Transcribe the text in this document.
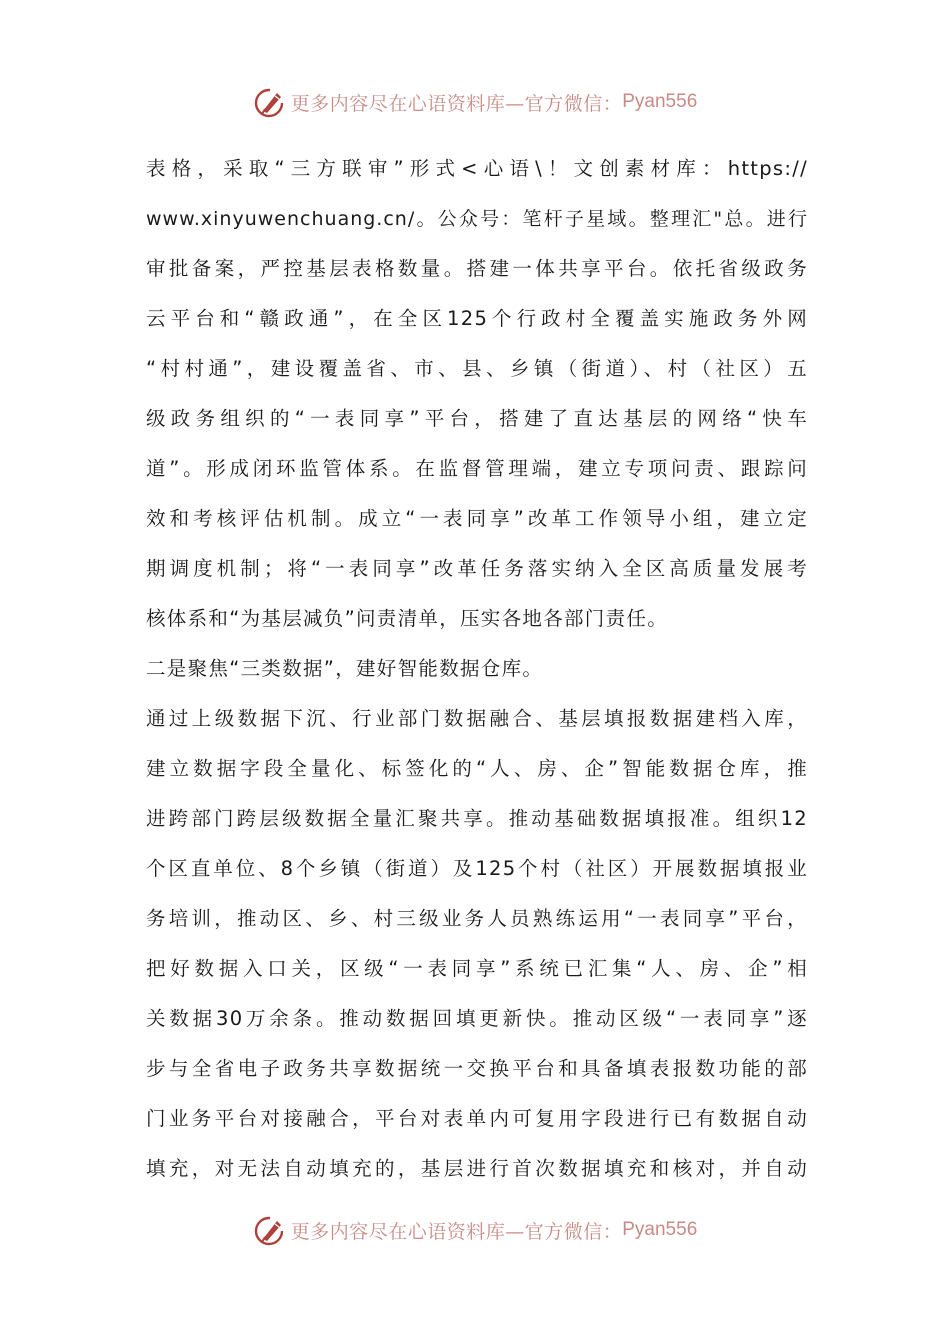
更多内容尽在心语资料库—官方微信： Pyan556
表格，采取“三方联审”形式<心语\！文创素材库：https://
www.xinyuwenchuang.cn/。公众号：笔杆子星域。整理汇"总。进行
审批备案，严控基层表格数量。搭建一体共享平台。依托省级政务
云平台和“赣政通”，在全区125个行政村全覆盖实施政务外网
“村村通”，建设覆盖省、市、县、乡镇（街道）、村（社区）五
级政务组织的“一表同享”平台，搭建了直达基层的网络“快车
道”。形成闭环监管体系。在监督管理端，建立专项问责、跟踪问
效和考核评估机制。成立“一表同享”改革工作领导小组，建立定
期调度机制；将“一表同享”改革任务落实纳入全区高质量发展考
核体系和“为基层减负”问责清单，压实各地各部门责任。
二是聚焦“三类数据”，建好智能数据仓库。
通过上级数据下沉、行业部门数据融合、基层填报数据建档入库，
建立数据字段全量化、标签化的“人、房、企”智能数据仓库，推
进跨部门跨层级数据全量汇聚共享。推动基础数据填报准。组织12
个区直单位、8个乡镇（街道）及125个村（社区）开展数据填报业
务培训，推动区、乡、村三级业务人员熟练运用“一表同享”平台，
把好数据入口关，区级“一表同享”系统已汇集“人、房、企”相
关数据30万余条。推动数据回填更新快。推动区级“一表同享”逐
步与全省电子政务共享数据统一交换平台和具备填表报数功能的部
门业务平台对接融合，平台对表单内可复用字段进行已有数据自动
填充，对无法自动填充的，基层进行首次数据填充和核对，并自动
更多内容尽在心语资料库—官方微信： Pyan556
